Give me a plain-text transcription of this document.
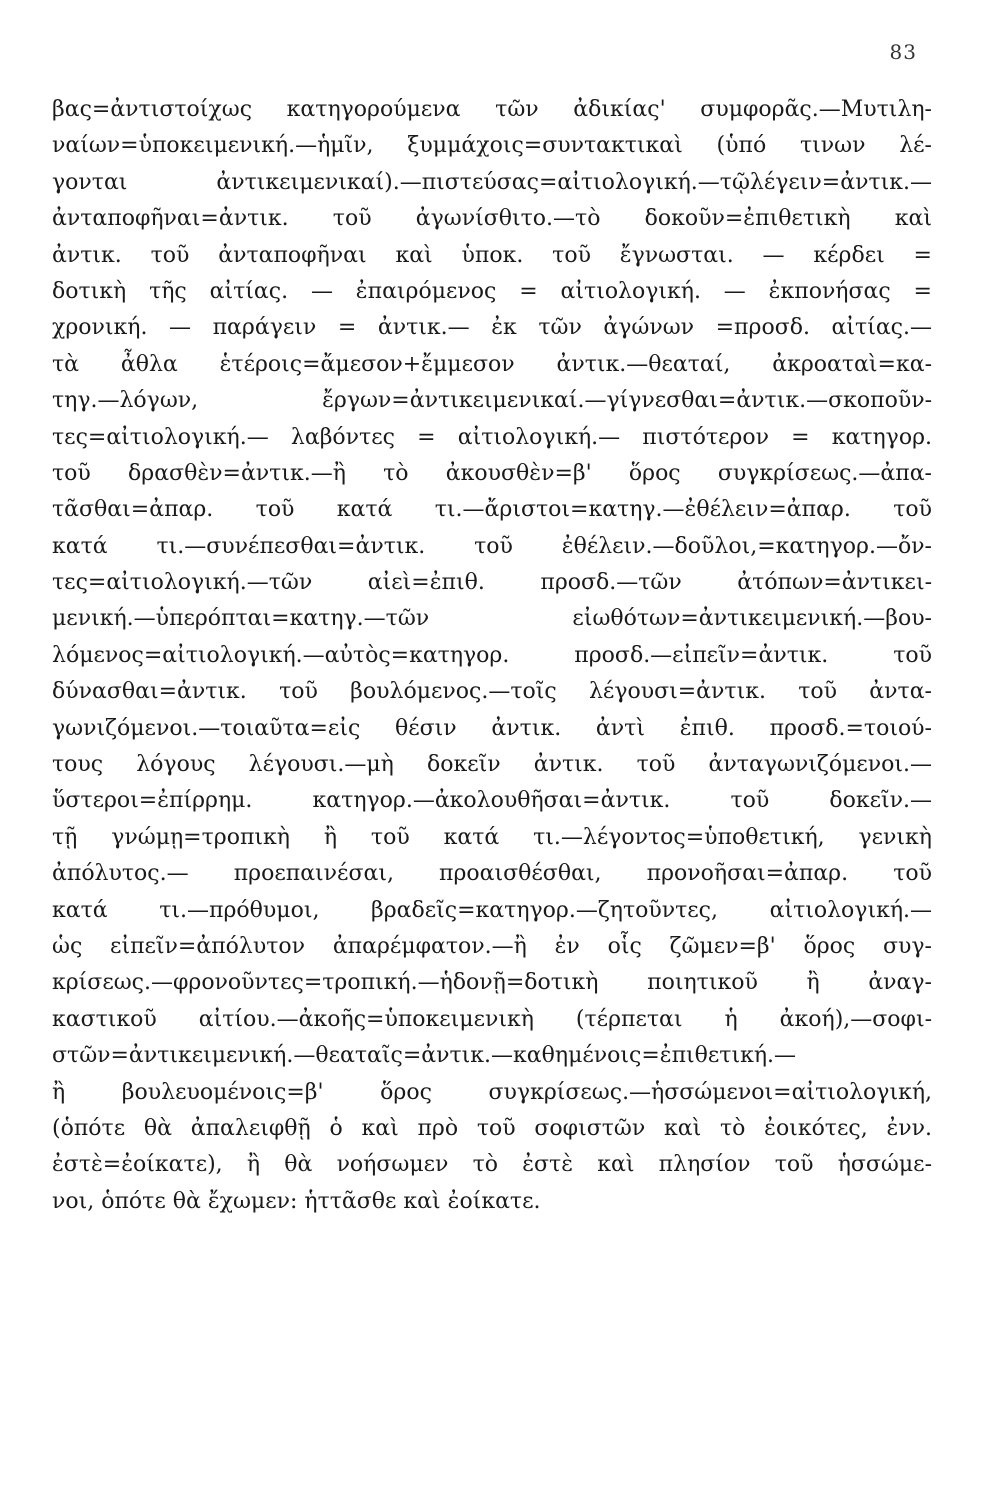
83
βας=ἀντιστοίχως κατηγορούμενα τῶν ἀδικίας' συμφορᾶς.—Μυτιλη-
ναίων=ὑποκειμενική.—ἡμῖν, ξυμμάχοις=συντακτικαὶ (ὑπό τινων λέ-
γονται ἀντικειμενικαί).—πιστεύσας=αἰτιολογική.—τῷλέγειν=ἀντικ.—
ἀνταποφῆναι=ἀντικ. τοῦ ἀγωνίσθιτο.—τὸ δοκοῦν=ἐπιθετικὴ καὶ
ἀντικ. τοῦ ἀνταποφῆναι καὶ ὑποκ. τοῦ ἔγνωσται. — κέρδει =
δοτικὴ τῆς αἰτίας. — ἐπαιρόμενος = αἰτιολογική. — ἐκπονήσας =
χρονική. — παράγειν = ἀντικ.— ἐκ τῶν ἀγώνων =προσδ. αἰτίας.—
τὰ ἆθλα ἑτέροις=ἄμεσον+ἔμμεσον ἀντικ.—θεαταί, ἀκροαταὶ=κα-
τηγ.—λόγων, ἔργων=ἀντικειμενικαί.—γίγνεσθαι=ἀντικ.—σκοποῦν-
τες=αἰτιολογική.— λαβόντες = αἰτιολογική.— πιστότερον = κατηγορ.
τοῦ δρασθὲν=ἀντικ.—ἢ τὸ ἀκουσθὲν=β' ὅρος συγκρίσεως.—ἀπα-
τᾶσθαι=ἀπαρ. τοῦ κατά τι.—ἄριστοι=κατηγ.—ἐθέλειν=ἀπαρ. τοῦ
κατά τι.—συνέπεσθαι=ἀντικ. τοῦ ἐθέλειν.—δοῦλοι,=κατηγορ.—ὄν-
τες=αἰτιολογική.—τῶν αἰεὶ=ἐπιθ. προσδ.—τῶν ἀτόπων=ἀντικει-
μενική.—ὑπερόπται=κατηγ.—τῶν εἰωθότων=ἀντικειμενική.—βου-
λόμενος=αἰτιολογική.—αὐτὸς=κατηγορ. προσδ.—εἰπεῖν=ἀντικ. τοῦ
δύνασθαι=ἀντικ. τοῦ βουλόμενος.—τοῖς λέγουσι=ἀντικ. τοῦ ἀντα-
γωνιζόμενοι.—τοιαῦτα=εἰς θέσιν ἀντικ. ἀντὶ ἐπιθ. προσδ.=τοιού-
τους λόγους λέγουσι.—μὴ δοκεῖν ἀντικ. τοῦ ἀνταγωνιζόμενοι.—
ὕστεροι=ἐπίρρημ. κατηγορ.—ἀκολουθῆσαι=ἀντικ. τοῦ δοκεῖν.—
τῇ γνώμῃ=τροπικὴ ἢ τοῦ κατά τι.—λέγοντος=ὑποθετική, γενικὴ
ἀπόλυτος.— προεπαινέσαι, προαισθέσθαι, προνοῆσαι=ἀπαρ. τοῦ
κατά τι.—πρόθυμοι, βραδεῖς=κατηγορ.—ζητοῦντες, αἰτιολογική.—
ὡς εἰπεῖν=ἀπόλυτον ἀπαρέμφατον.—ἢ ἐν οἷς ζῶμεν=β' ὅρος συγ-
κρίσεως.—φρονοῦντες=τροπική.—ἡδονῇ=δοτικὴ ποιητικοῦ ἢ ἀναγ-
καστικοῦ αἰτίου.—ἀκοῆς=ὑποκειμενικὴ (τέρπεται ἡ ἀκοή),—σοφι-
στῶν=ἀντικειμενική.—θεαταῖς=ἀντικ.—καθημένοις=ἐπιθετική.—
ἢ βουλευομένοις=β' ὅρος συγκρίσεως.—ἡσσώμενοι=αἰτιολογική,
(ὁπότε θὰ ἀπαλειφθῇ ὁ καὶ πρὸ τοῦ σοφιστῶν καὶ τὸ ἐοικότες, ἐνν.
ἐστὲ=ἐοίκατε), ἢ θὰ νοήσωμεν τὸ ἐστὲ καὶ πλησίον τοῦ ἡσσώμε-
νοι, ὁπότε θὰ ἔχωμεν: ἡττᾶσθε καὶ ἐοίκατε.
